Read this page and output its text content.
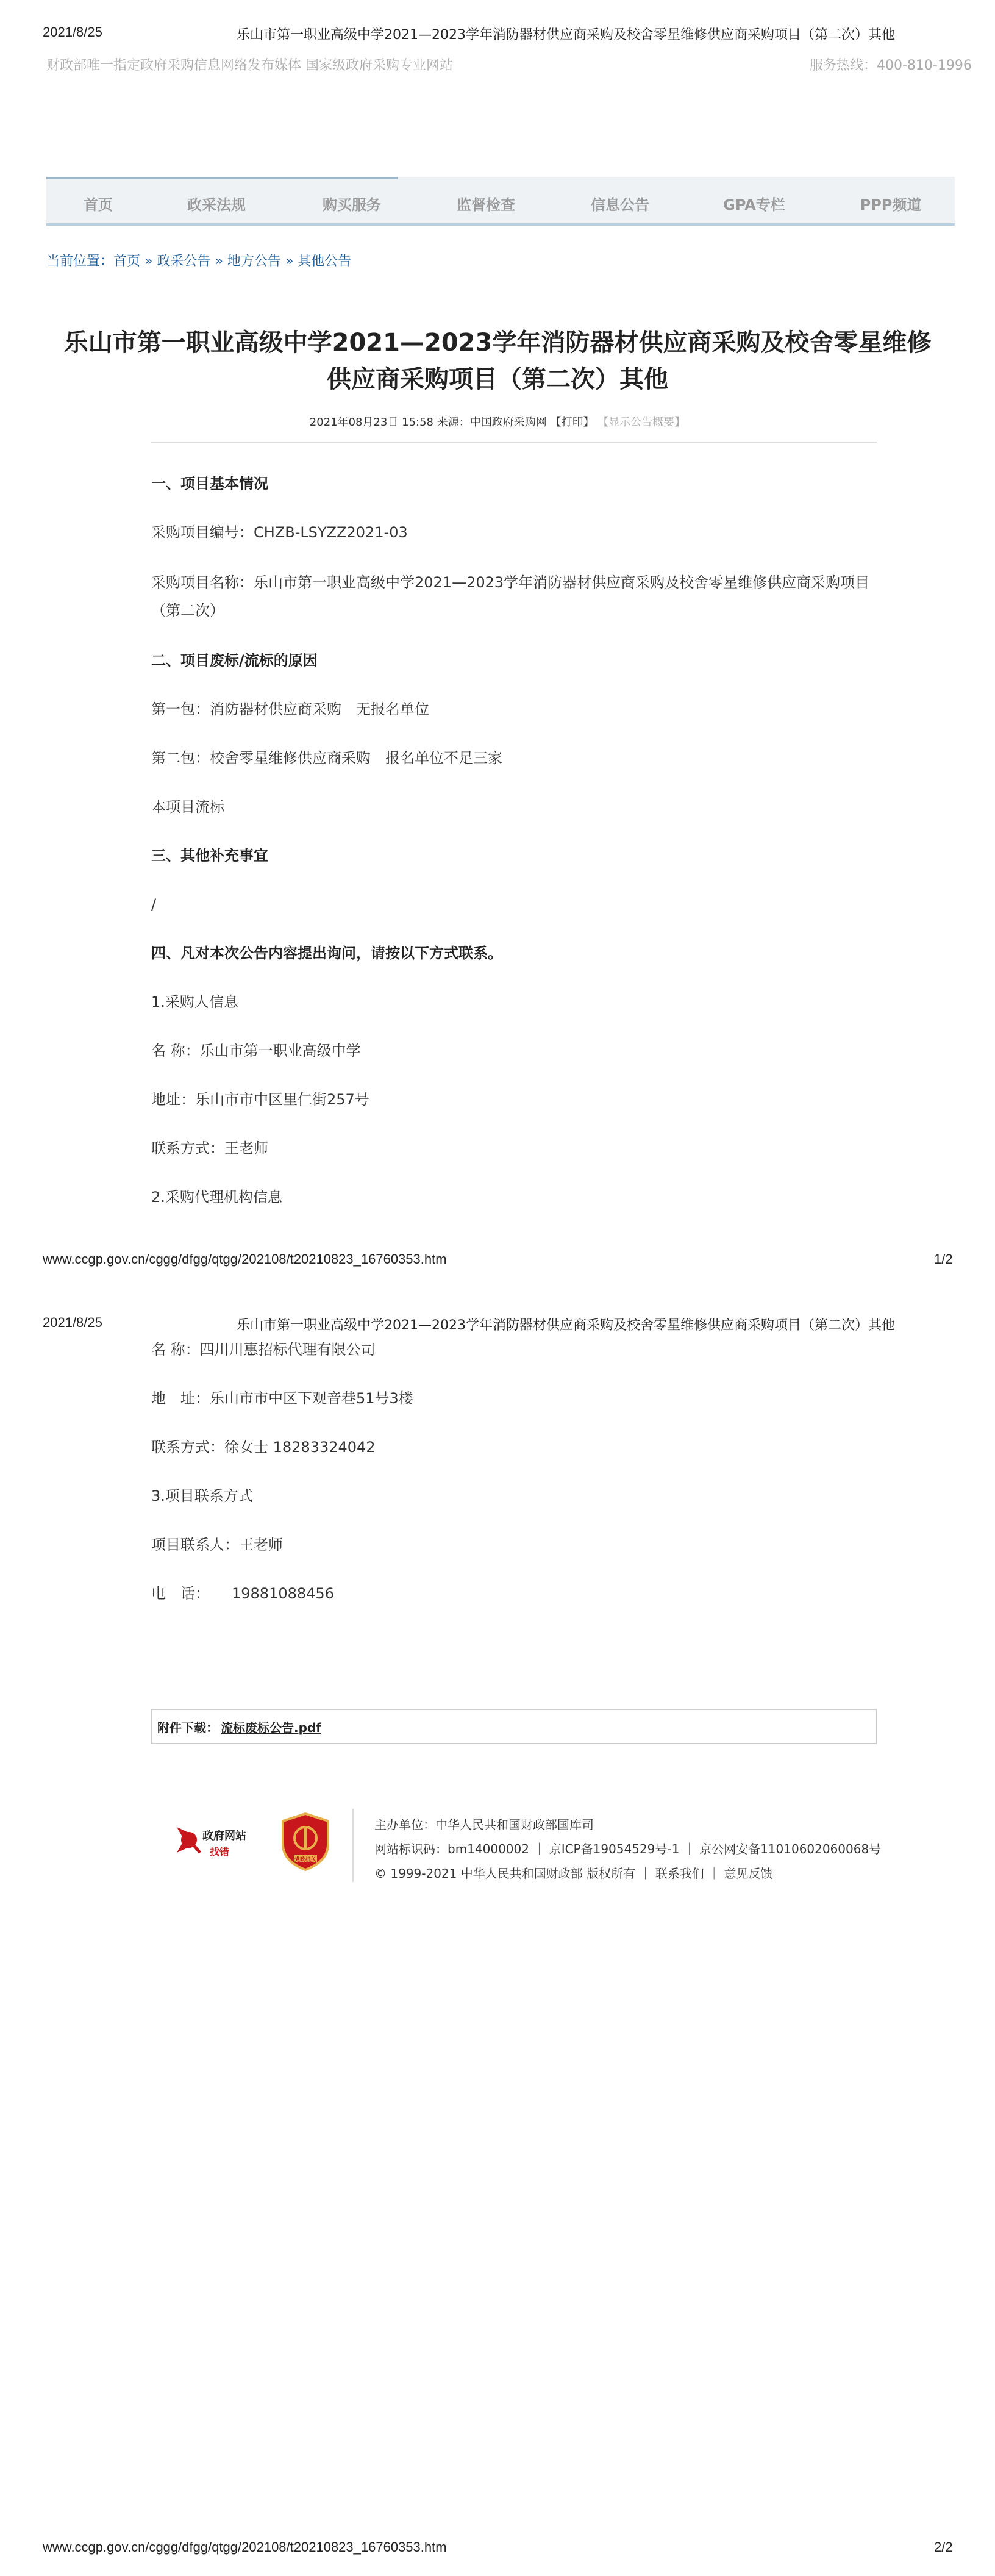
2021/8/25	乐山市第一职业高级中学2021—2023学年消防器材供应商采购及校舍零星维修供应商采购项目（第二次）其他
财政部唯一指定政府采购信息网络发布媒体 国家级政府采购专业网站	服务热线：400-810-1996
首页	政采法规	购买服务	监督检查	信息公告	GPA专栏	PPP频道
当前位置：首页 » 政采公告 » 地方公告 » 其他公告
乐山市第一职业高级中学2021—2023学年消防器材供应商采购及校舍零星维修供应商采购项目（第二次）其他
2021年08月23日 15:58 来源：中国政府采购网 【打印】 【显示公告概要】
一、项目基本情况
采购项目编号：CHZB-LSYZZ2021-03
采购项目名称：乐山市第一职业高级中学2021—2023学年消防器材供应商采购及校舍零星维修供应商采购项目（第二次）
二、项目废标/流标的原因
第一包：消防器材供应商采购　无报名单位
第二包：校舍零星维修供应商采购　报名单位不足三家
本项目流标
三、其他补充事宜
/
四、凡对本次公告内容提出询问，请按以下方式联系。
1.采购人信息
名 称：乐山市第一职业高级中学
地址：乐山市市中区里仁街257号
联系方式：王老师
2.采购代理机构信息
www.ccgp.gov.cn/cggg/dfgg/qtgg/202108/t20210823_16760353.htm	1/2
2021/8/25	乐山市第一职业高级中学2021—2023学年消防器材供应商采购及校舍零星维修供应商采购项目（第二次）其他
名 称：四川川惠招标代理有限公司
地　址：乐山市市中区下观音巷51号3楼
联系方式：徐女士 18283324042
3.项目联系方式
项目联系人：王老师
电　话：　　19881088456
附件下载： 流标废标公告.pdf
政府网站
找错
党政机关
主办单位：中华人民共和国财政部国库司
网站标识码：bm14000002 ｜ 京ICP备19054529号-1 ｜ 京公网安备11010602060068号
© 1999-2021 中华人民共和国财政部 版权所有 ｜ 联系我们 ｜ 意见反馈
www.ccgp.gov.cn/cggg/dfgg/qtgg/202108/t20210823_16760353.htm	2/2
